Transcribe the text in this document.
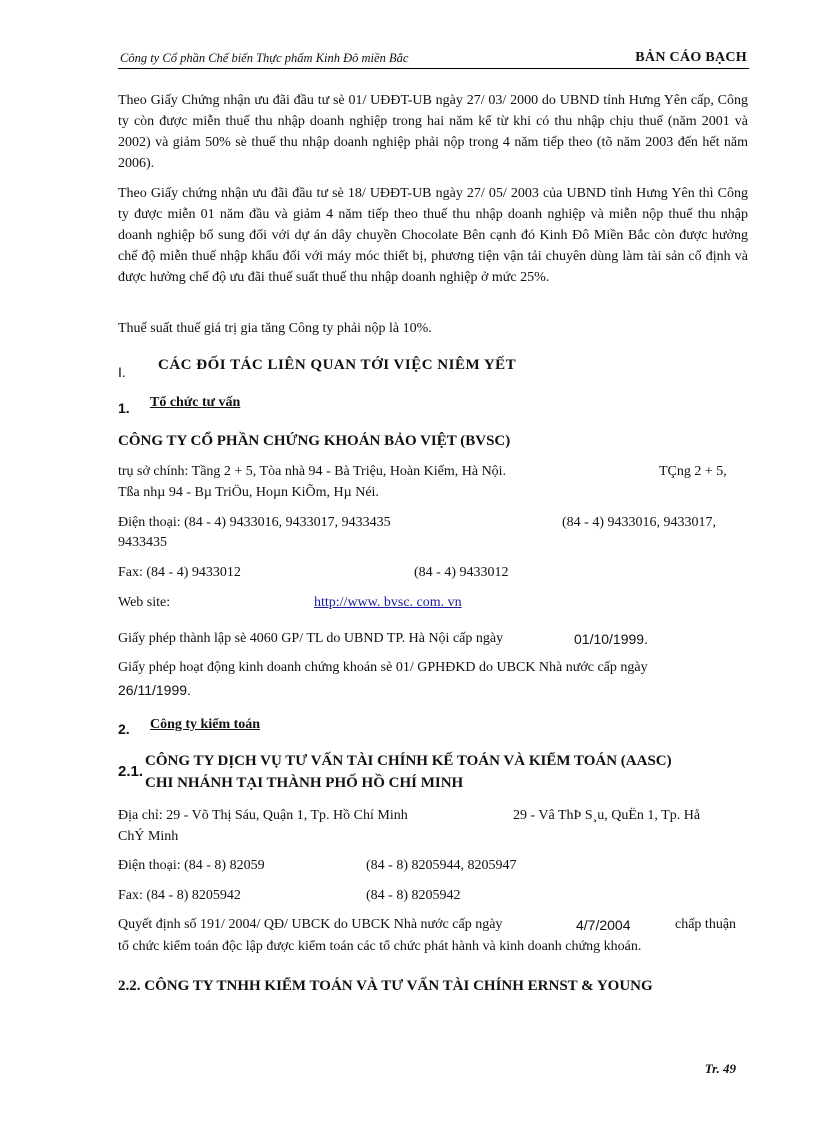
Công ty Cổ phần Chế biến Thực phẩm Kinh Đô miền Bắc	BẢN CÁO BẠCH
Theo Giấy Chứng nhận ưu đãi đầu tư sè 01/ UĐĐT-UB ngày 27/ 03/ 2000 do UBND tỉnh Hưng Yên cấp, Công ty còn được miễn thuế thu nhập doanh nghiệp trong hai năm kể từ khi có thu nhập chịu thuế (năm 2001 và 2002) và giảm 50% sè thuế thu nhập doanh nghiệp phải nộp trong 4 năm tiếp theo (tõ năm 2003 đến hết năm 2006).
Theo Giấy chứng nhận ưu đãi đầu tư sè 18/ UĐĐT-UB ngày 27/ 05/ 2003 của UBND tỉnh Hưng Yên thì Công ty được miễn 01 năm đầu và giảm 4 năm tiếp theo thuế thu nhập doanh nghiệp và miễn nộp thuế thu nhập doanh nghiệp bổ sung đối với dự án dây chuyền Chocolate Bên cạnh đó Kinh Đô Miền Bắc còn được hưởng chế độ miễn thuế nhập khẩu đối với máy móc thiết bị, phương tiện vận tải chuyên dùng làm tài sản cố định và được hưởng chế độ ưu đãi thuế suất thuế thu nhập doanh nghiệp ở mức 25%.
Thuế suất thuế giá trị gia tăng Công ty phải nộp là 10%.
I. CÁC ĐỐI TÁC LIÊN QUAN TỚI VIỆC NIÊM YẾT
1. Tổ chức tư vấn
CÔNG TY CỔ PHẦN CHỨNG KHOÁN BẢO VIỆT (BVSC)
trụ sở chính: Tầng 2 + 5, Tòa nhà 94 - Bà Triệu, Hoàn Kiếm, Hà Nội.	TÇng 2 + 5,
Tßa nhµ 94 - Bµ TriÖu, Hoµn KiÕm, Hµ Néi.
Điện thoại: (84 - 4) 9433016, 9433017, 9433435	(84 - 4) 9433016, 9433017,
9433435
Fax: (84 - 4) 9433012	(84 - 4) 9433012
Web site:	http://www. bvsc. com. vn
Giấy phép thành lập sè 4060 GP/ TL do UBND TP. Hà Nội cấp ngày	01/10/1999.
Giấy phép hoạt động kinh doanh chứng khoán sè 01/ GPHĐKD do UBCK Nhà nước cấp ngày
26/11/1999.
2. Công ty kiểm toán
2.1.
CÔNG TY DỊCH VỤ TƯ VẤN TÀI CHÍNH KẾ TOÁN VÀ KIỂM TOÁN (AASC)
CHI NHÁNH TẠI THÀNH PHỐ HỒ CHÍ MINH
Địa chỉ: 29 - Võ Thị Sáu, Quận 1, Tp. Hồ Chí Minh	29 - Vâ ThÞ S¸u, QuËn 1, Tp. Hå
ChÝ Minh
Điện thoại: (84 - 8) 82059	(84 - 8) 8205944, 8205947
Fax: (84 - 8) 8205942	(84 - 8) 8205942
Quyết định số 191/ 2004/ QĐ/ UBCK do UBCK Nhà nước cấp ngày	4/7/2004	chấp thuận
tổ chức kiểm toán độc lập được kiểm toán các tổ chức phát hành và kinh doanh chứng khoán.
2.2. CÔNG TY TNHH KIỂM TOÁN VÀ TƯ VẤN TÀI CHÍNH ERNST & YOUNG
Tr. 49
